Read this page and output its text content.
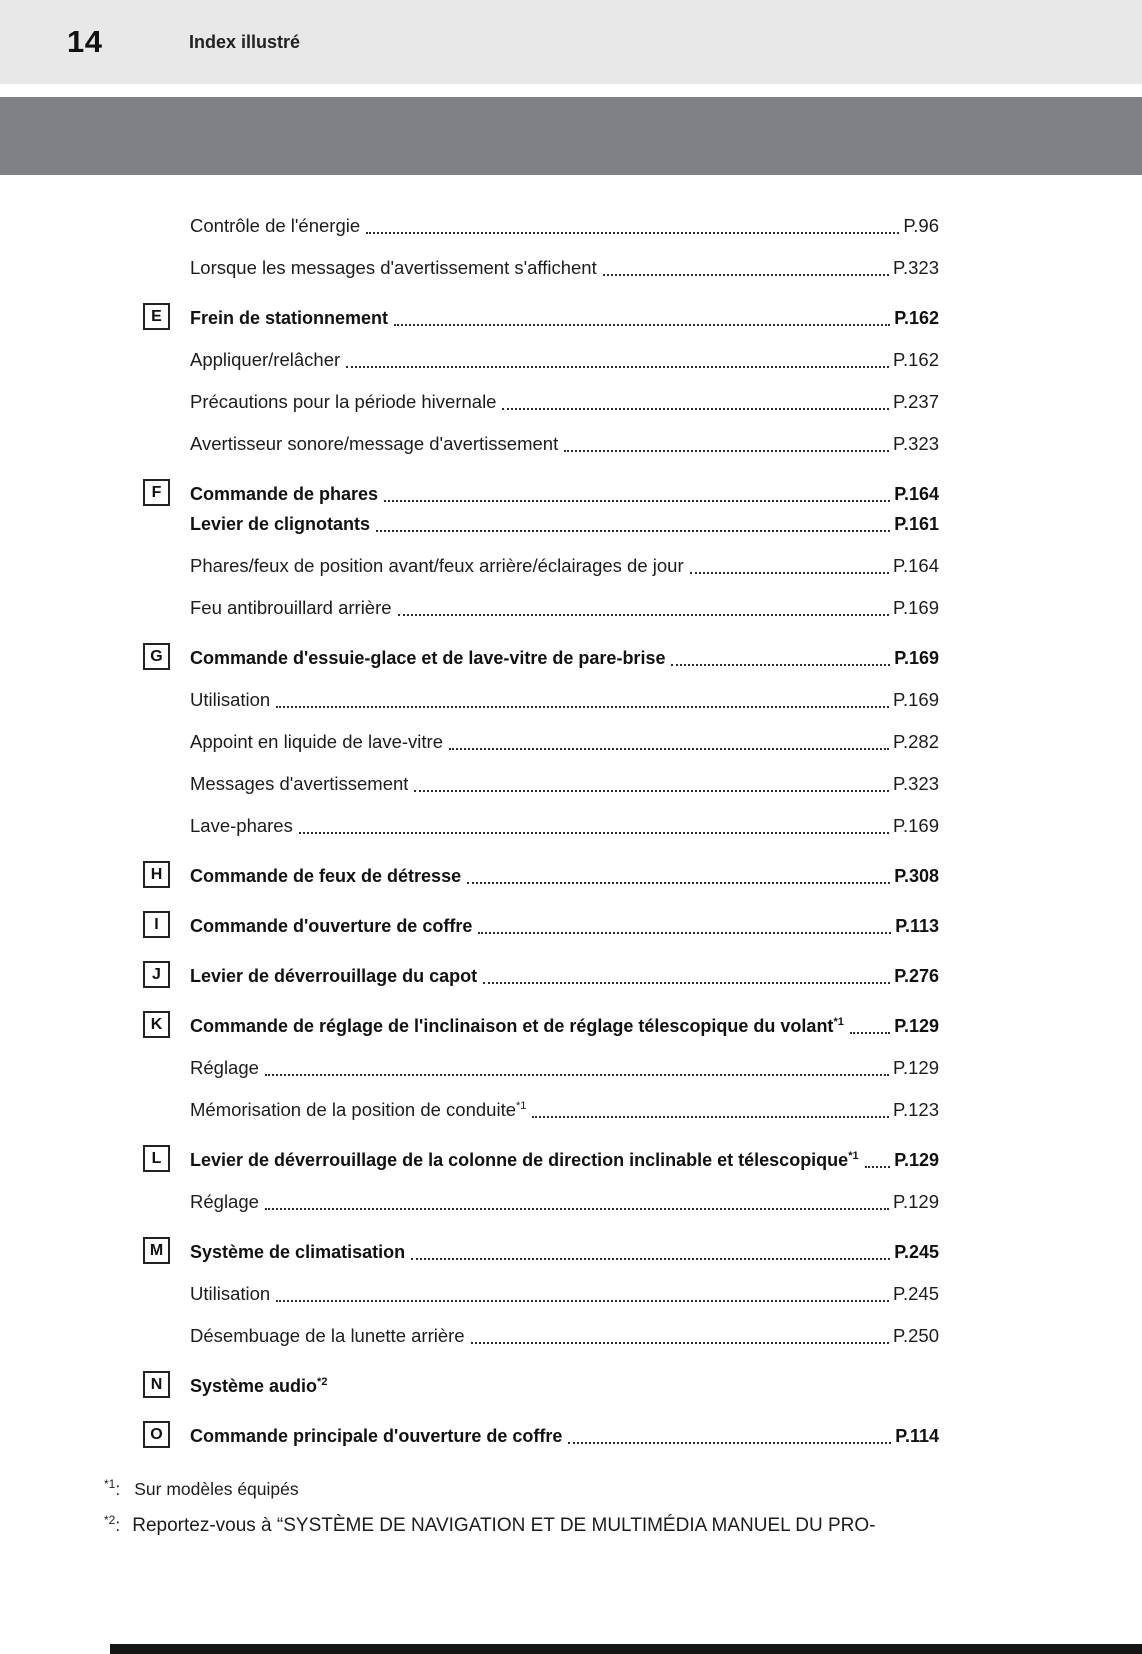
14	Index illustré
Contrôle de l'énergie	P.96
Lorsque les messages d'avertissement s'affichent	P.323
E	Frein de stationnement	P.162
Appliquer/relâcher	P.162
Précautions pour la période hivernale	P.237
Avertisseur sonore/message d'avertissement	P.323
F	Commande de phares	P.164
Levier de clignotants	P.161
Phares/feux de position avant/feux arrière/éclairages de jour	P.164
Feu antibrouillard arrière	P.169
G	Commande d'essuie-glace et de lave-vitre de pare-brise	P.169
Utilisation	P.169
Appoint en liquide de lave-vitre	P.282
Messages d'avertissement	P.323
Lave-phares	P.169
H	Commande de feux de détresse	P.308
I	Commande d'ouverture de coffre	P.113
J	Levier de déverrouillage du capot	P.276
K	Commande de réglage de l'inclinaison et de réglage télescopique du volant$^{*1}$	P.129
Réglage	P.129
Mémorisation de la position de conduite$^{*1}$	P.123
L	Levier de déverrouillage de la colonne de direction inclinable et télescopique$^{*1}$ P.129
Réglage	P.129
M	Système de climatisation	P.245
Utilisation	P.245
Désembuage de la lunette arrière	P.250
N	Système audio$^{*2}$
O	Commande principale d'ouverture de coffre	P.114
$^{*1}$: Sur modèles équipés
$^{*2}$: Reportez-vous à “SYSTÈME DE NAVIGATION ET DE MULTIMÉDIA MANUEL DU PRO-
